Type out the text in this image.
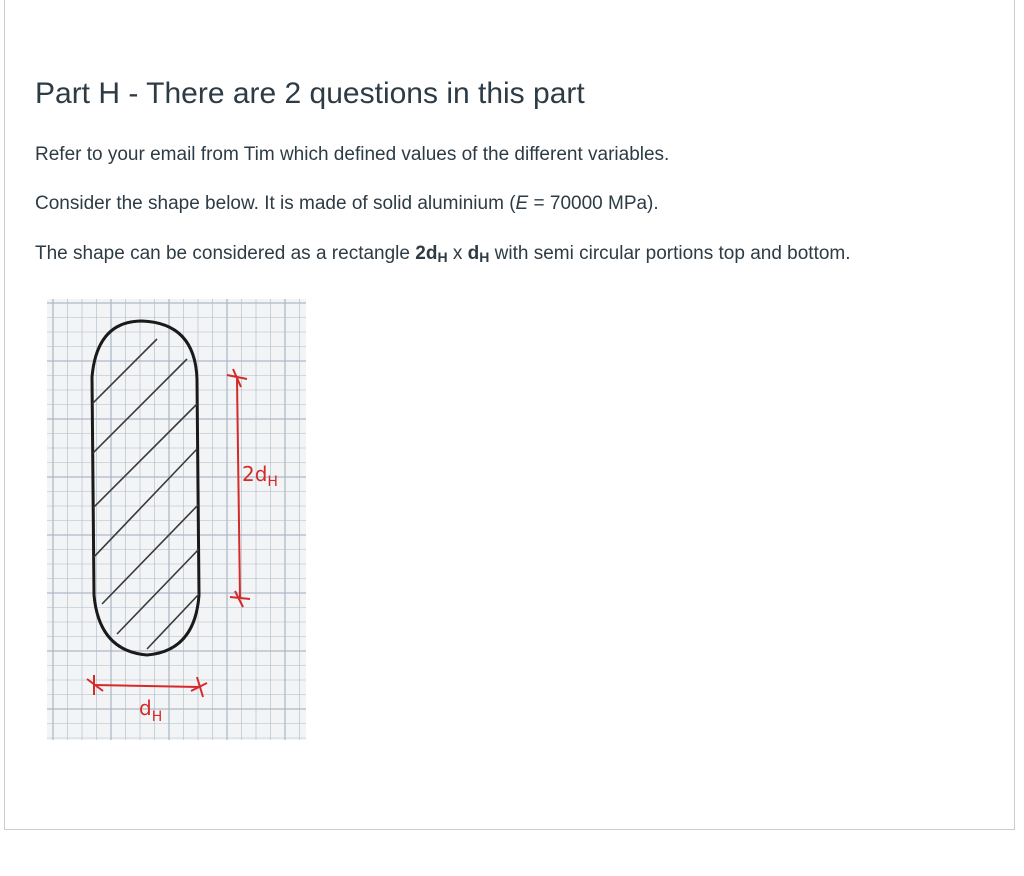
Part H - There are 2 questions in this part

Refer to your email from Tim which defined values of the different variables.

Consider the shape below. It is made of solid aluminium (E = 70000 MPa).

The shape can be considered as a rectangle $2d_H$ x $d_H$ with semi circular portions top and bottom.

$2d_H$
$d_H$
